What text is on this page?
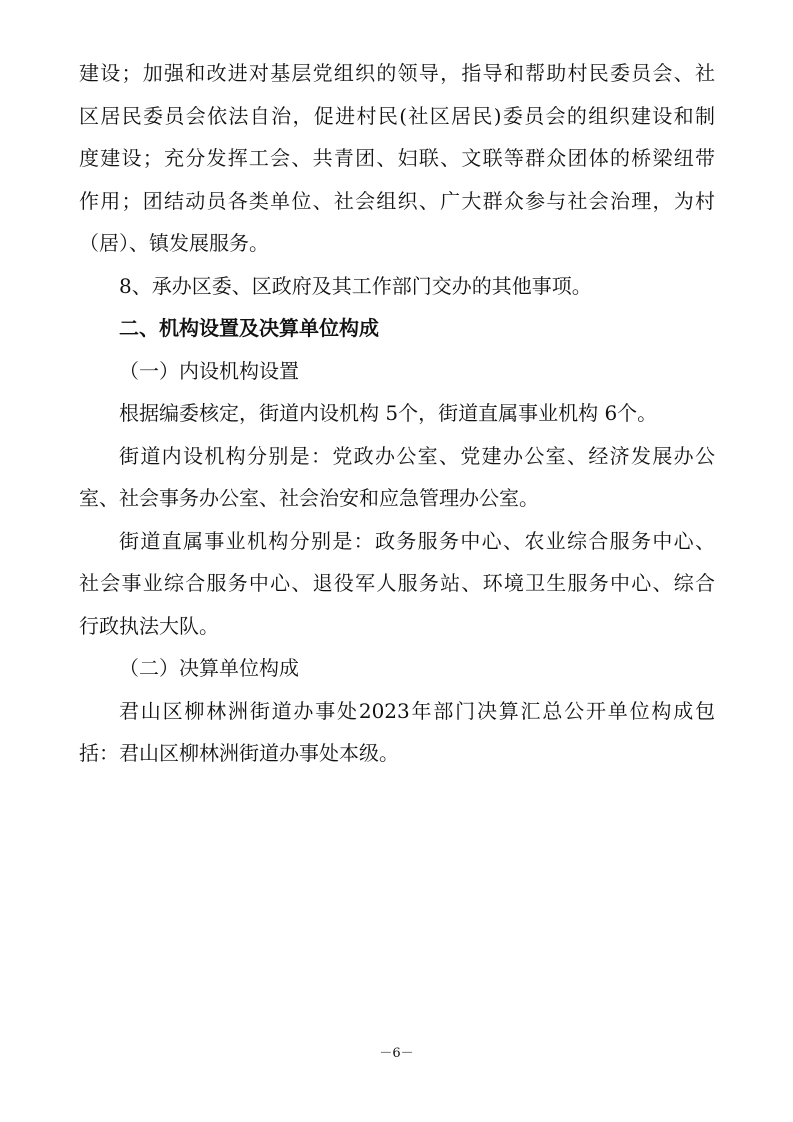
建设；加强和改进对基层党组织的领导，指导和帮助村民委员会、社
区居民委员会依法自治，促进村民(社区居民)委员会的组织建设和制
度建设；充分发挥工会、共青团、妇联、文联等群众团体的桥梁纽带
作用；团结动员各类单位、社会组织、广大群众参与社会治理，为村
（居）、镇发展服务。
8、承办区委、区政府及其工作部门交办的其他事项。
二、机构设置及决算单位构成
（一）内设机构设置
根据编委核定，街道内设机构 5个，街道直属事业机构 6个。
街道内设机构分别是：党政办公室、党建办公室、经济发展办公
室、社会事务办公室、社会治安和应急管理办公室。
街道直属事业机构分别是：政务服务中心、农业综合服务中心、
社会事业综合服务中心、退役军人服务站、环境卫生服务中心、综合
行政执法大队。
（二）决算单位构成
君山区柳林洲街道办事处2023年部门决算汇总公开单位构成包
括：君山区柳林洲街道办事处本级。
－6－
